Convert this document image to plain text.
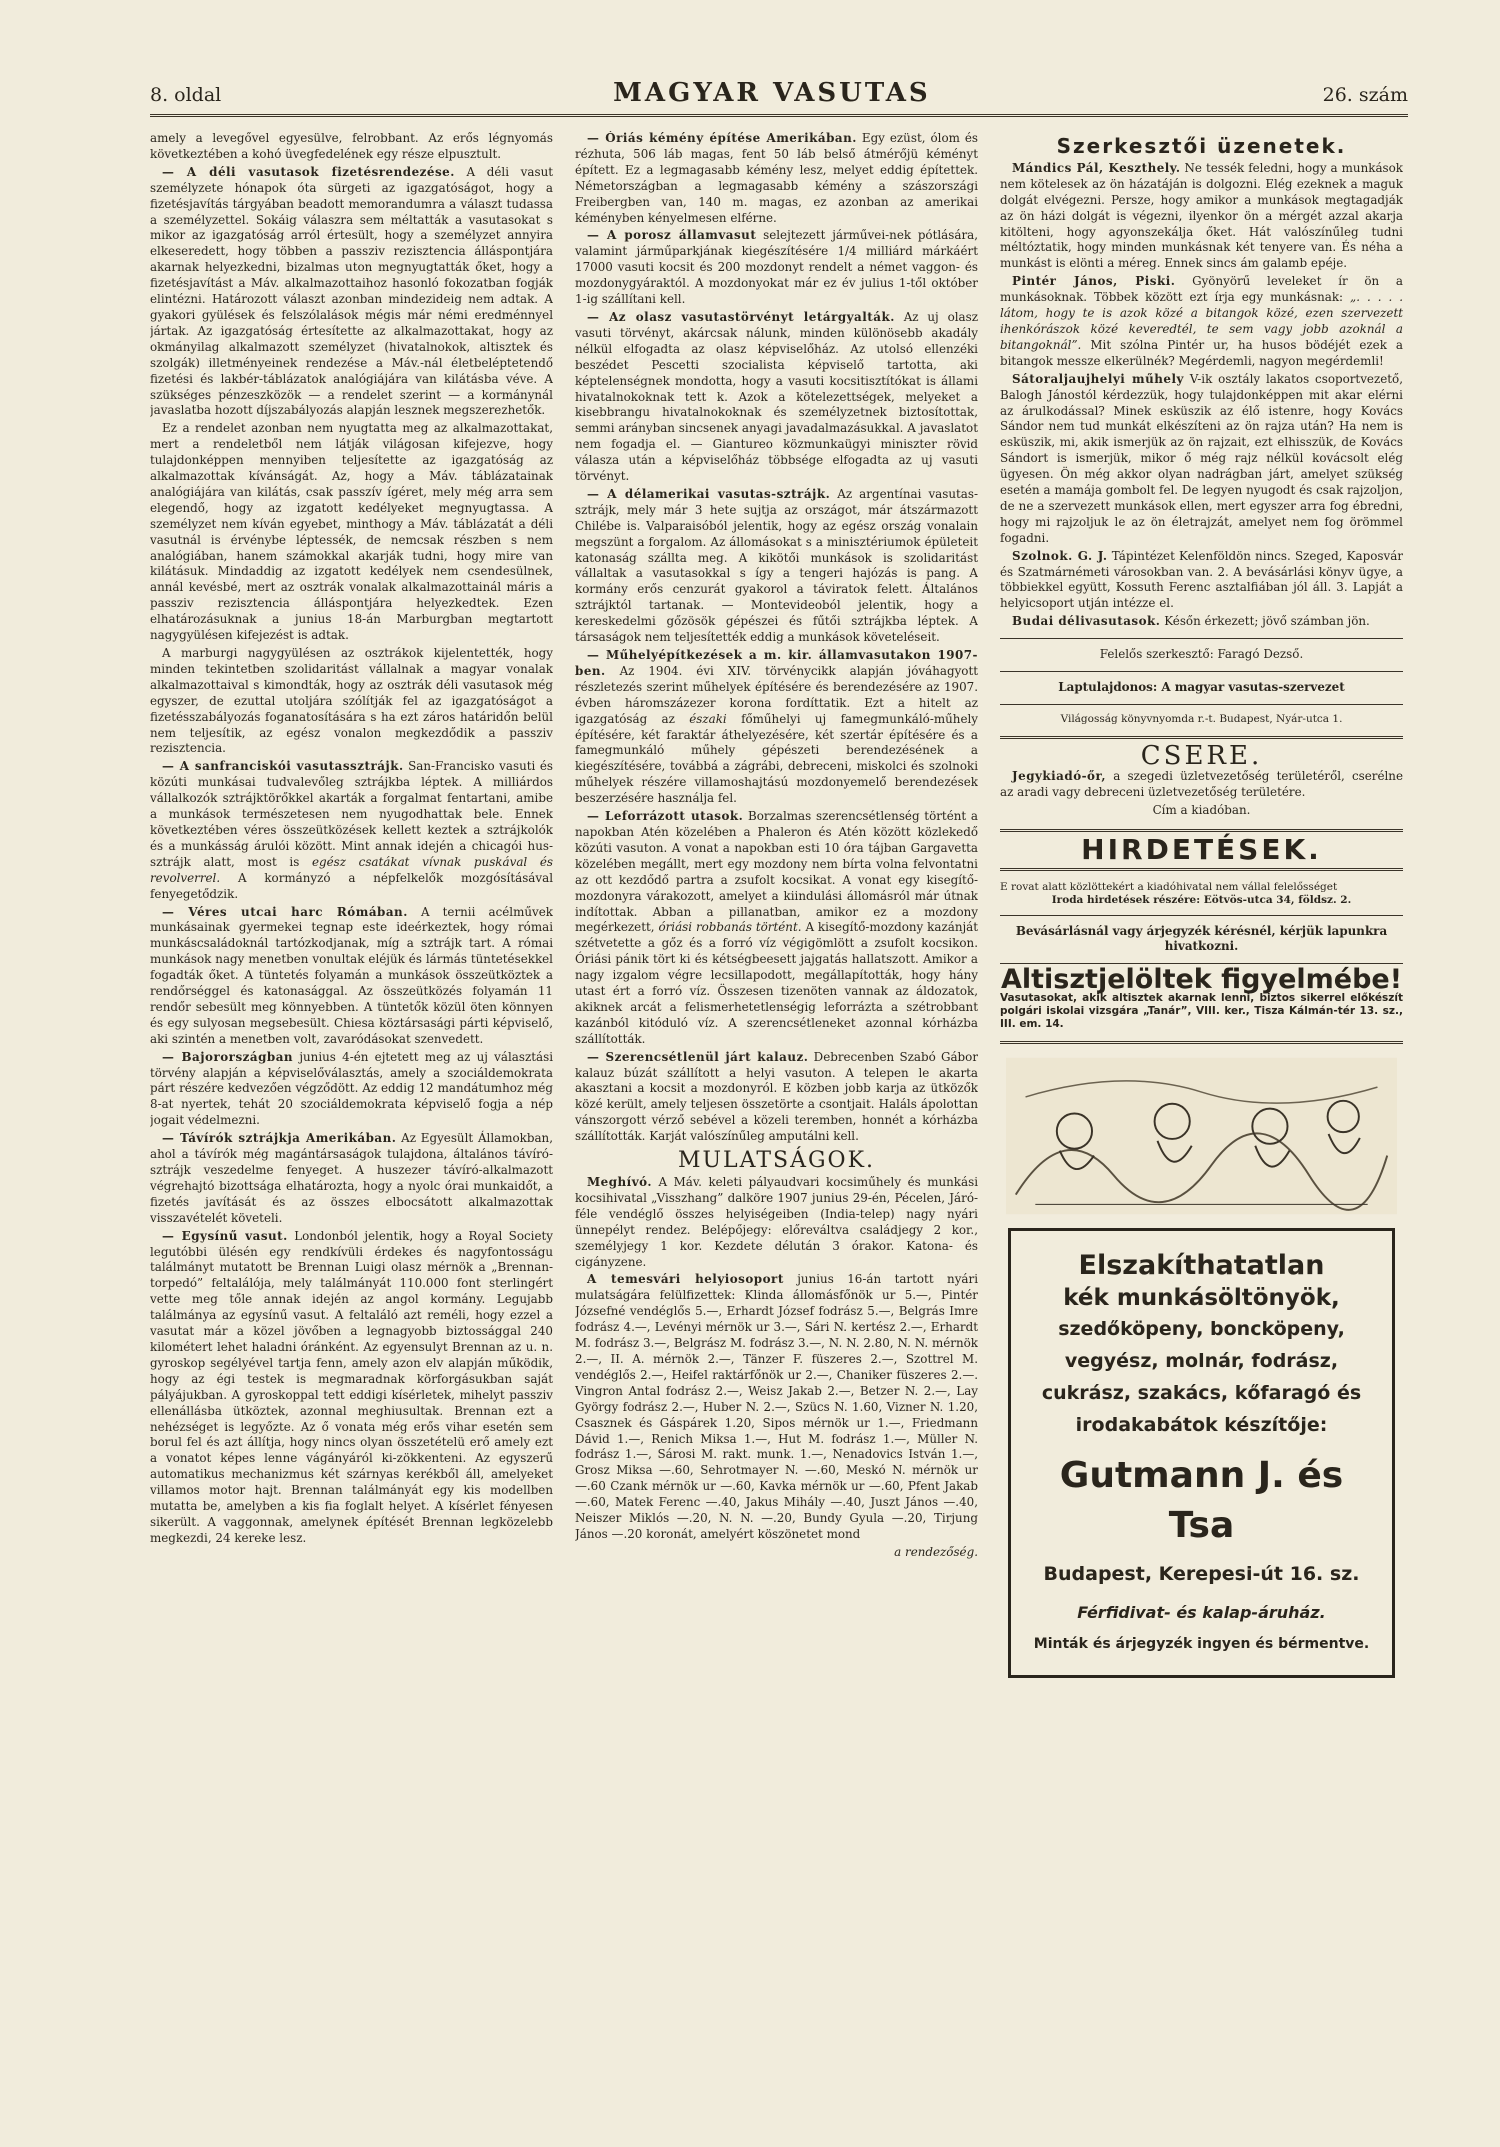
8. oldal	MAGYAR VASUTAS	26. szám

amely a levegővel egyesülve, felrobbant. Az erős légnyomás következtében a kohó üvegfedelének egy része elpusztult.

— A déli vasutasok fizetésrendezése. A déli vasut személyzete hónapok óta sürgeti az igazgatóságot, hogy a fizetésjavítás tárgyában beadott memorandumra a választ tudassa a személyzettel. Sokáig válaszra sem méltatták a vasutasokat s mikor az igazgatóság arról értesült, hogy a személyzet annyira elkeseredett, hogy többen a passziv rezisztencia álláspontjára akarnak helyezkedni, bizalmas uton megnyugtatták őket, hogy a fizetésjavítást a Máv. alkalmazottaihoz hasonló fokozatban fogják elintézni. Határozott választ azonban mindezideig nem adtak. A gyakori gyülések és felszólalások mégis már némi eredménnyel jártak. Az igazgatóság értesítette az alkalmazottakat, hogy az okmányilag alkalmazott személyzet (hivatalnokok, altisztek és szolgák) illetményeinek rendezése a Máv.-nál életbeléptetendő fizetési és lakbér-táblázatok analógiájára van kilátásba véve. A szükséges pénzeszközök — a rendelet szerint — a kormánynál javaslatba hozott díjszabályozás alapján lesznek megszerezhetők.

Ez a rendelet azonban nem nyugtatta meg az alkalmazottakat, mert a rendeletből nem látják világosan kifejezve, hogy tulajdonképpen mennyiben teljesítette az igazgatóság az alkalmazottak kívánságát. Az, hogy a Máv. táblázatainak analógiájára van kilátás, csak passzív ígéret, mely még arra sem elegendő, hogy az izgatott kedélyeket megnyugtassa. A személyzet nem kíván egyebet, minthogy a Máv. táblázatát a déli vasutnál is érvénybe léptessék, de nemcsak részben s nem analógiában, hanem számokkal akarják tudni, hogy mire van kilátásuk. Mindaddig az izgatott kedélyek nem csendesülnek, annál kevésbé, mert az osztrák vonalak alkalmazottainál máris a passziv rezisztencia álláspontjára helyezkedtek. Ezen elhatározásuknak a junius 18-án Marburgban megtartott nagygyülésen kifejezést is adtak.

A marburgi nagygyülésen az osztrákok kijelentették, hogy minden tekintetben szolidaritást vállalnak a magyar vonalak alkalmazottaival s kimondták, hogy az osztrák déli vasutasok még egyszer, de ezuttal utoljára szólítják fel az igazgatóságot a fizetésszabályozás foganatosítására s ha ezt záros határidőn belül nem teljesítik, az egész vonalon megkezdődik a passziv rezisztencia.

— A sanfranciskói vasutassztrájk. San-Francisko vasuti és közúti munkásai tudvalevőleg sztrájkba léptek. A milliárdos vállalkozók sztrájktörőkkel akarták a forgalmat fentartani, amibe a munkások természetesen nem nyugodhattak bele. Ennek következtében véres összeütközések kellett keztek a sztrájkolók és a munkásság árulói között. Mint annak idején a chicagói hus-sztrájk alatt, most is egész csatákat vívnak puskával és revolverrel. A kormányzó a népfelkelők mozgósításával fenyegetődzik.

— Véres utcai harc Rómában. A ternii acélművek munkásainak gyermekei tegnap este ideérkeztek, hogy római munkáscsaládoknál tartózkodjanak, míg a sztrájk tart. A római munkások nagy menetben vonultak eléjük és lármás tüntetésekkel fogadták őket. A tüntetés folyamán a munkások összeütköztek a rendőrséggel és katonasággal. Az összeütközés folyamán 11 rendőr sebesült meg könnyebben. A tüntetők közül öten könnyen és egy sulyosan megsebesült. Chiesa köztársasági párti képviselő, aki szintén a menetben volt, zavaródásokat szenvedett.

— Bajorországban junius 4-én ejtetett meg az uj választási törvény alapján a képviselőválasztás, amely a szociáldemokrata párt részére kedvezően végződött. Az eddig 12 mandátumhoz még 8-at nyertek, tehát 20 szociáldemokrata képviselő fogja a nép jogait védelmezni.

— Távírók sztrájkja Amerikában. Az Egyesült Államokban, ahol a távírók még magántársaságok tulajdona, általános távíró-sztrájk veszedelme fenyeget. A huszezer távíró-alkalmazott végrehajtó bizottsága elhatározta, hogy a nyolc órai munkaidőt, a fizetés javítását és az összes elbocsátott alkalmazottak visszavételét követeli.

— Egysínű vasut. Londonból jelentik, hogy a Royal Society legutóbbi ülésén egy rendkívüli érdekes és nagyfontosságu találmányt mutatott be Brennan Luigi olasz mérnök a „Brennan-torpedó” feltalálója, mely találmányát 110.000 font sterlingért vette meg tőle annak idején az angol kormány. Legujabb találmánya az egysínű vasut. A feltaláló azt reméli, hogy ezzel a vasutat már a közel jövőben a legnagyobb biztossággal 240 kilométert lehet haladni óránként. Az egyensulyt Brennan az u. n. gyroskop segélyével tartja fenn, amely azon elv alapján működik, hogy az égi testek is megmaradnak körforgásukban saját pályájukban. A gyroskoppal tett eddigi kísérletek, mihelyt passziv ellenállásba ütköztek, azonnal meghiusultak. Brennan ezt a nehézséget is legyőzte. Az ő vonata még erős vihar esetén sem borul fel és azt állítja, hogy nincs olyan összetételü erő amely ezt a vonatot képes lenne vágányáról ki-zökkenteni. Az egyszerű automatikus mechanizmus két szárnyas kerékből áll, amelyeket villamos motor hajt. Brennan találmányát egy kis modellben mutatta be, amelyben a kis fia foglalt helyet. A kísérlet fényesen sikerült. A vaggonnak, amelynek építését Brennan legközelebb megkezdi, 24 kereke lesz.

— Óriás kémény építése Amerikában. Egy ezüst, ólom és rézhuta, 506 láb magas, fent 50 láb belső átmérőjü kéményt épített. Ez a legmagasabb kémény lesz, melyet eddig építettek. Németországban a legmagasabb kémény a szászországi Freibergben van, 140 m. magas, ez azonban az amerikai kéményben kényelmesen elférne.

— A porosz államvasut selejtezett járművei-nek pótlására, valamint járműparkjának kiegészítésére 1/4 milliárd márkáért 17000 vasuti kocsit és 200 mozdonyt rendelt a német vaggon- és mozdonygyáraktól. A mozdonyokat már ez év julius 1-től október 1-ig szállítani kell.

— Az olasz vasutastörvényt letárgyalták. Az uj olasz vasuti törvényt, akárcsak nálunk, minden különösebb akadály nélkül elfogadta az olasz képviselőház. Az utolsó ellenzéki beszédet Pescetti szocialista képviselő tartotta, aki képtelenségnek mondotta, hogy a vasuti kocsitisztítókat is állami hivatalnokoknak tett k. Azok a kötelezettségek, melyeket a kisebbrangu hivatalnokoknak és személyzetnek biztosítottak, semmi arányban sincsenek anyagi javadalmazásukkal. A javaslatot nem fogadja el. — Giantureo közmunkaügyi miniszter rövid válasza után a képviselőház többsége elfogadta az uj vasuti törvényt.

— A délamerikai vasutas-sztrájk. Az argentínai vasutas-sztrájk, mely már 3 hete sujtja az országot, már átszármazott Chilébe is. Valparaisóból jelentik, hogy az egész ország vonalain megszünt a forgalom. Az állomásokat s a minisztériumok épületeit katonaság szállta meg. A kikötői munkások is szolidaritást vállaltak a vasutasokkal s így a tengeri hajózás is pang. A kormány erős cenzurát gyakorol a táviratok felett. Általános sztrájktól tartanak. — Montevideoból jelentik, hogy a kereskedelmi gőzösök gépészei és fűtői sztrájkba léptek. A társaságok nem teljesítették eddig a munkások követeléseit.

— Műhelyépítkezések a m. kir. államvasutakon 1907-ben. Az 1904. évi XIV. törvénycikk alapján jóváhagyott részletezés szerint műhelyek építésére és berendezésére az 1907. évben háromszázezer korona fordíttatik. Ezt a hitelt az igazgatóság az északi főműhelyi uj famegmunkáló-műhely építésére, két faraktár áthelyezésére, két szertár építésére és a famegmunkáló műhely gépészeti berendezésének a kiegészítésére, továbbá a zágrábi, debreceni, miskolci és szolnoki műhelyek részére villamoshajtású mozdonyemelő berendezések beszerzésére használja fel.

— Leforrázott utasok. Borzalmas szerencsétlenség történt a napokban Atén közelében a Phaleron és Atén között közlekedő közúti vasuton. A vonat a napokban esti 10 óra tájban Gargavetta közelében megállt, mert egy mozdony nem bírta volna felvontatni az ott kezdődő partra a zsufolt kocsikat. A vonat egy kisegítő-mozdonyra várakozott, amelyet a kiindulási állomásról már útnak indítottak. Abban a pillanatban, amikor ez a mozdony megérkezett, óriási robbanás történt. A kisegítő-mozdony kazánját szétvetette a gőz és a forró víz végigömlött a zsufolt kocsikon. Óriási pánik tört ki és kétségbeesett jajgatás hallatszott. Amikor a nagy izgalom végre lecsillapodott, megállapították, hogy hány utast ért a forró víz. Összesen tizenöten vannak az áldozatok, akiknek arcát a felismerhetetlenségig leforrázta a szétrobbant kazánból kitóduló víz. A szerencsétleneket azonnal kórházba szállították.

— Szerencsétlenül járt kalauz. Debrecenben Szabó Gábor kalauz búzát szállított a helyi vasuton. A telepen le akarta akasztani a kocsit a mozdonyról. E közben jobb karja az ütközők közé került, amely teljesen összetörte a csontjait. Haláls ápolottan vánszorgott vérző sebével a közeli teremben, honnét a kórházba szállították. Karját valószínűleg amputálni kell.

MULATSÁGOK.

Meghívó. A Máv. keleti pályaudvari kocsiműhely és munkási kocsihivatal „Visszhang” dalköre 1907 junius 29-én, Pécelen, Járó-féle vendéglő összes helyiségeiben (India-telep) nagy nyári ünnepélyt rendez. Belépőjegy: előreváltva családjegy 2 kor., személyjegy 1 kor. Kezdete délután 3 órakor. Katona- és cigányzene.

A temesvári helyiosoport junius 16-án tartott nyári mulatságára felülfizettek: Klinda állomásfőnök ur 5.—, Pintér Józsefné vendéglős 5.—, Erhardt József fodrász 5.—, Belgrás Imre fodrász 4.—, Levényi mérnök ur 3.—, Sári N. kertész 2.—, Erhardt M. fodrász 3.—, Belgrász M. fodrász 3.—, N. N. 2.80, N. N. mérnök 2.—, II. A. mérnök 2.—, Tänzer F. füszeres 2.—, Szottrel M. vendéglős 2.—, Heifel raktárfőnök ur 2.—, Chaniker füszeres 2.—. Vingron Antal fodrász 2.—, Weisz Jakab 2.—, Betzer N. 2.—, Lay György fodrász 2.—, Huber N. 2.—, Szücs N. 1.60, Vizner N. 1.20, Csasznek és Gáspárek 1.20, Sipos mérnök ur 1.—, Friedmann Dávid 1.—, Renich Miksa 1.—, Hut M. fodrász 1.—, Müller N. fodrász 1.—, Sárosi M. rakt. munk. 1.—, Nenadovics István 1.—, Grosz Miksa —.60, Sehrotmayer N. —.60, Meskó N. mérnök ur —.60 Czank mérnök ur —.60, Kavka mérnök ur —.60, Pfent Jakab —.60, Matek Ferenc —.40, Jakus Mihály —.40, Juszt János —.40, Neiszer Miklós —.20, N. N. —.20, Bundy Gyula —.20, Tirjung János —.20 koronát, amelyért köszönetet mond

a rendezőség.

Szerkesztői üzenetek.

Mándics Pál, Keszthely. Ne tessék feledni, hogy a munkások nem kötelesek az ön házatáján is dolgozni. Elég ezeknek a maguk dolgát elvégezni. Persze, hogy amikor a munkások megtagadják az ön házi dolgát is végezni, ilyenkor ön a mérgét azzal akarja kitölteni, hogy agyonszekálja őket. Hát valószínűleg tudni méltóztatik, hogy minden munkásnak két tenyere van. És néha a munkást is elönti a méreg. Ennek sincs ám galamb epéje.

Pintér János, Piski. Gyönyörű leveleket ír ön a munkásoknak. Többek között ezt írja egy munkásnak: „. . . . . látom, hogy te is azok közé a bitangok közé, ezen szervezett ihenkórászok közé keveredtél, te sem vagy jobb azoknál a bitangoknál”. Mit szólna Pintér ur, ha husos bödéjét ezek a bitangok messze elkerülnék? Megérdemli, nagyon megérdemli!

Sátoraljaujhelyi műhely V-ik osztály lakatos csoportvezető, Balogh Jánostól kérdezzük, hogy tulajdonképpen mit akar elérni az árulkodással? Minek esküszik az élő istenre, hogy Kovács Sándor nem tud munkát elkészíteni az ön rajza után? Ha nem is esküszik, mi, akik ismerjük az ön rajzait, ezt elhisszük, de Kovács Sándort is ismerjük, mikor ő még rajz nélkül kovácsolt elég ügyesen. Ön még akkor olyan nadrágban járt, amelyet szükség esetén a mamája gombolt fel. De legyen nyugodt és csak rajzoljon, de ne a szervezett munkások ellen, mert egyszer arra fog ébredni, hogy mi rajzoljuk le az ön életrajzát, amelyet nem fog örömmel fogadni.

Szolnok. G. J. Tápintézet Kelenföldön nincs. Szeged, Kaposvár és Szatmárnémeti városokban van. 2. A bevásárlási könyv ügye, a többiekkel együtt, Kossuth Ferenc asztalfiában jól áll. 3. Lapját a helyicsoport utján intézze el.

Budai délivasutasok. Későn érkezett; jövő számban jön.

Felelős szerkesztő: Faragó Dezső.
Laptulajdonos: A magyar vasutas-szervezet
Világosság könyvnyomda r.-t. Budapest, Nyár-utca 1.
CSERE.

Jegykiadó-őr, a szegedi üzletvezetőség területéről, cserélne az aradi vagy debreceni üzletvezetőség területére.

Cím a kiadóban.
HIRDETÉSEK.
E rovat alatt közlöttekért a kiadóhivatal nem vállal felelősséget
Iroda hirdetések részére: Eötvös-utca 34, földsz. 2.
Bevásárlásnál vagy árjegyzék kérésnél, kérjük lapunkra hivatkozni.
Altisztjelöltek figyelmébe!
Vasutasokat, akik altisztek akarnak lenni, biztos sikerrel előkészít polgári iskolai vizsgára „Tanár”, VIII. ker., Tisza Kálmán-tér 13. sz., III. em. 14.
Elszakíthatatlan
kék munkásöltönyök,
szedőköpeny, boncköpeny, vegyész, molnár, fodrász, cukrász, szakács, kőfaragó és irodakabátok készítője:
Gutmann J. és Tsa
Budapest, Kerepesi-út 16. sz.
Férfidivat- és kalap-áruház.
Minták és árjegyzék ingyen és bérmentve.
